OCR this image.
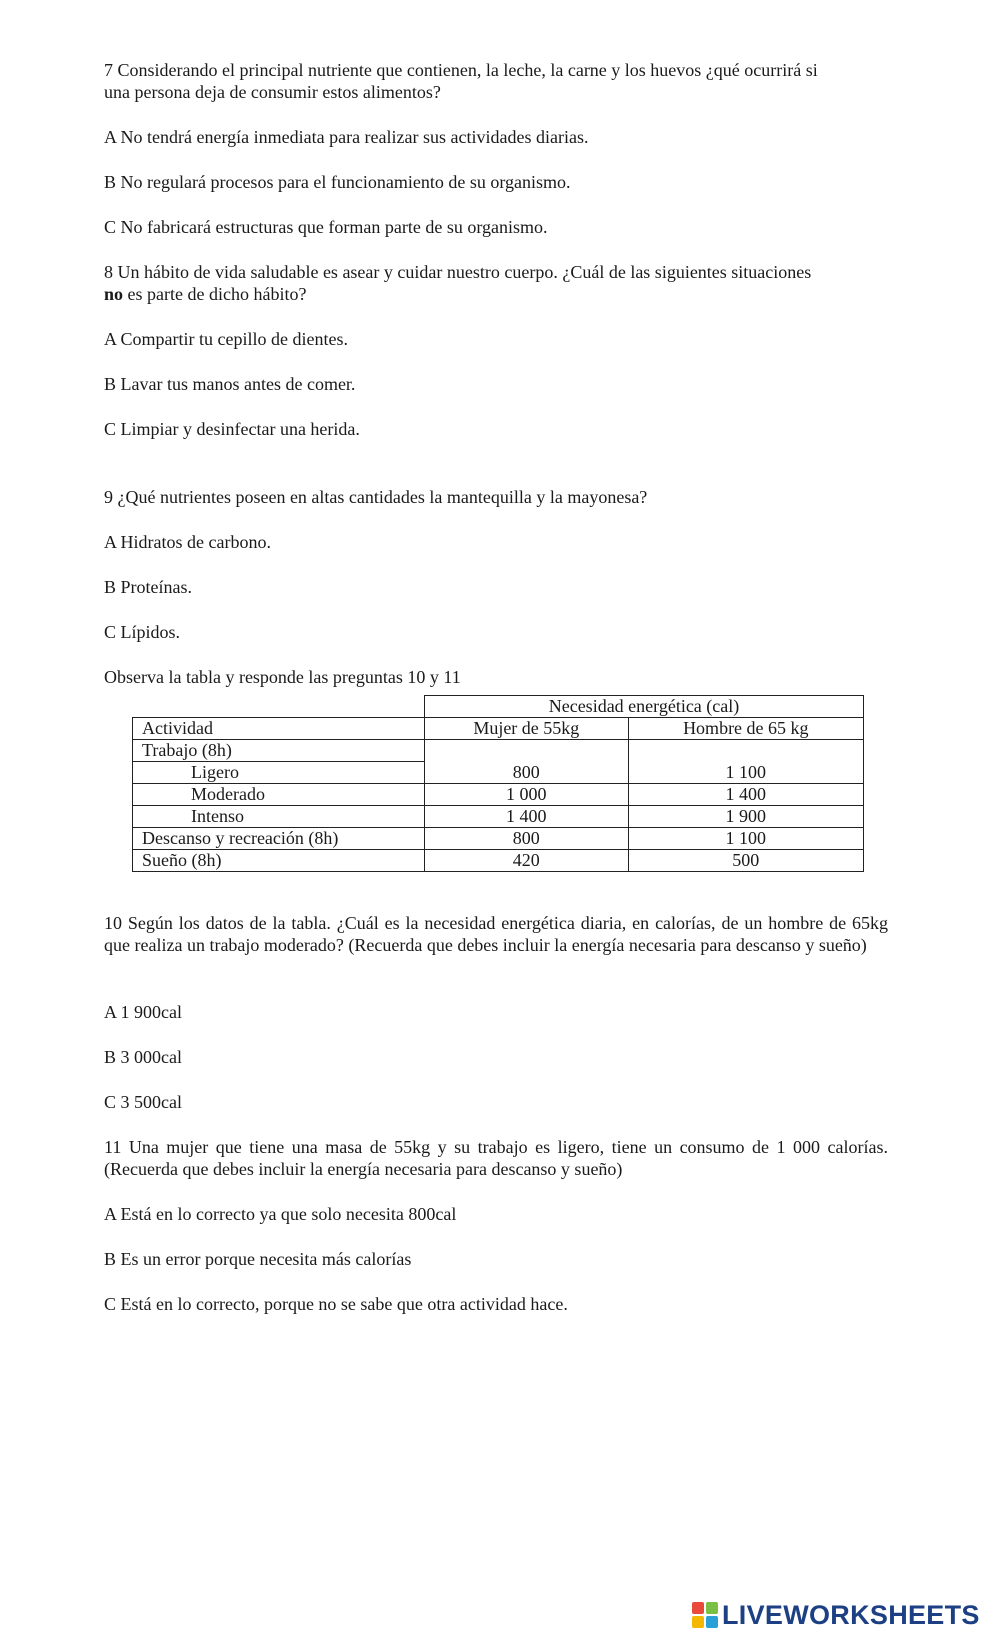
7 Considerando el principal nutriente que contienen, la leche, la carne y los huevos ¿qué ocurrirá si
una persona deja de consumir estos alimentos?
A No tendrá energía inmediata para realizar sus actividades diarias.
B No regulará procesos para el funcionamiento de su organismo.
C No fabricará estructuras que forman parte de su organismo.
8 Un hábito de vida saludable es asear y cuidar nuestro cuerpo. ¿Cuál de las siguientes situaciones
no es parte de dicho hábito?
A Compartir tu cepillo de dientes.
B Lavar tus manos antes de comer.
C Limpiar y desinfectar una herida.
9 ¿Qué nutrientes poseen en altas cantidades la mantequilla y la mayonesa?
A Hidratos de carbono.
B Proteínas.
C Lípidos.
Observa la tabla y responde las preguntas 10 y 11
	Necesidad energética (cal)	
Actividad	Mujer de 55kg	Hombre de 65 kg
Trabajo (8h)		
Ligero	800	1 100
Moderado	1 000	1 400
Intenso	1 400	1 900
Descanso y recreación (8h)	800	1 100
Sueño (8h)	420	500
10 Según los datos de la tabla. ¿Cuál es la necesidad energética diaria, en calorías, de un hombre de 65kg que realiza un trabajo moderado? (Recuerda que debes incluir la energía necesaria para descanso y sueño)
A 1 900cal
B 3 000cal
C 3 500cal
11 Una mujer que tiene una masa de 55kg y su trabajo es ligero, tiene un consumo de 1 000 calorías. (Recuerda que debes incluir la energía necesaria para descanso y sueño)
A Está en lo correcto ya que solo necesita 800cal
B Es un error porque necesita más calorías
C Está en lo correcto, porque no se sabe que otra actividad hace.
LIVEWORKSHEETS
